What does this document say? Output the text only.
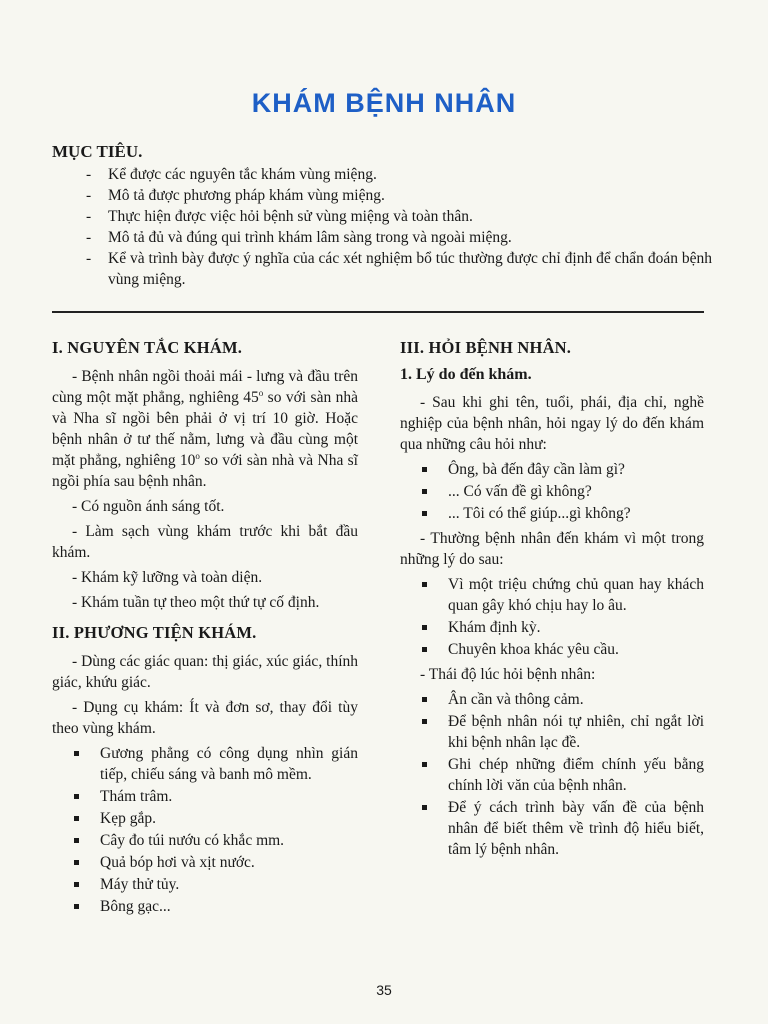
KHÁM BỆNH NHÂN
MỤC TIÊU.
- Kể được các nguyên tắc khám vùng miệng.
- Mô tả được phương pháp khám vùng miệng.
- Thực hiện được việc hỏi bệnh sử vùng miệng và toàn thân.
- Mô tả đủ và đúng qui trình khám lâm sàng trong và ngoài miệng.
- Kể và trình bày được ý nghĩa của các xét nghiệm bổ túc thường được chỉ định để chẩn đoán bệnh vùng miệng.
I. NGUYÊN TẮC KHÁM.

- Bệnh nhân ngồi thoải mái - lưng và đầu trên cùng một mặt phẳng, nghiêng 45$^o$ so với sàn nhà và Nha sĩ ngồi bên phải ở vị trí 10 giờ. Hoặc bệnh nhân ở tư thế nằm, lưng và đầu cùng một mặt phẳng, nghiêng 10$^o$ so với sàn nhà và Nha sĩ ngồi phía sau bệnh nhân.

- Có nguồn ánh sáng tốt.

- Làm sạch vùng khám trước khi bắt đầu khám.

- Khám kỹ lưỡng và toàn diện.

- Khám tuần tự theo một thứ tự cố định.

II. PHƯƠNG TIỆN KHÁM.

- Dùng các giác quan: thị giác, xúc giác, thính giác, khứu giác.

- Dụng cụ khám: Ít và đơn sơ, thay đổi tùy theo vùng khám.

Gương phẳng có công dụng nhìn gián tiếp, chiếu sáng và banh mô mềm.
Thám trâm.
Kẹp gắp.
Cây đo túi nướu có khắc mm.
Quả bóp hơi và xịt nước.
Máy thử tủy.
Bông gạc...
III. HỎI BỆNH NHÂN.
1. Lý do đến khám.

- Sau khi ghi tên, tuổi, phái, địa chỉ, nghề nghiệp của bệnh nhân, hỏi ngay lý do đến khám qua những câu hỏi như:

Ông, bà đến đây cần làm gì?
... Có vấn đề gì không?
... Tôi có thể giúp...gì không?

- Thường bệnh nhân đến khám vì một trong những lý do sau:

Vì một triệu chứng chủ quan hay khách quan gây khó chịu hay lo âu.
Khám định kỳ.
Chuyên khoa khác yêu cầu.

- Thái độ lúc hỏi bệnh nhân:

Ân cần và thông cảm.
Để bệnh nhân nói tự nhiên, chỉ ngắt lời khi bệnh nhân lạc đề.
Ghi chép những điểm chính yếu bằng chính lời văn của bệnh nhân.
Để ý cách trình bày vấn đề của bệnh nhân để biết thêm về trình độ hiểu biết, tâm lý bệnh nhân.
35
